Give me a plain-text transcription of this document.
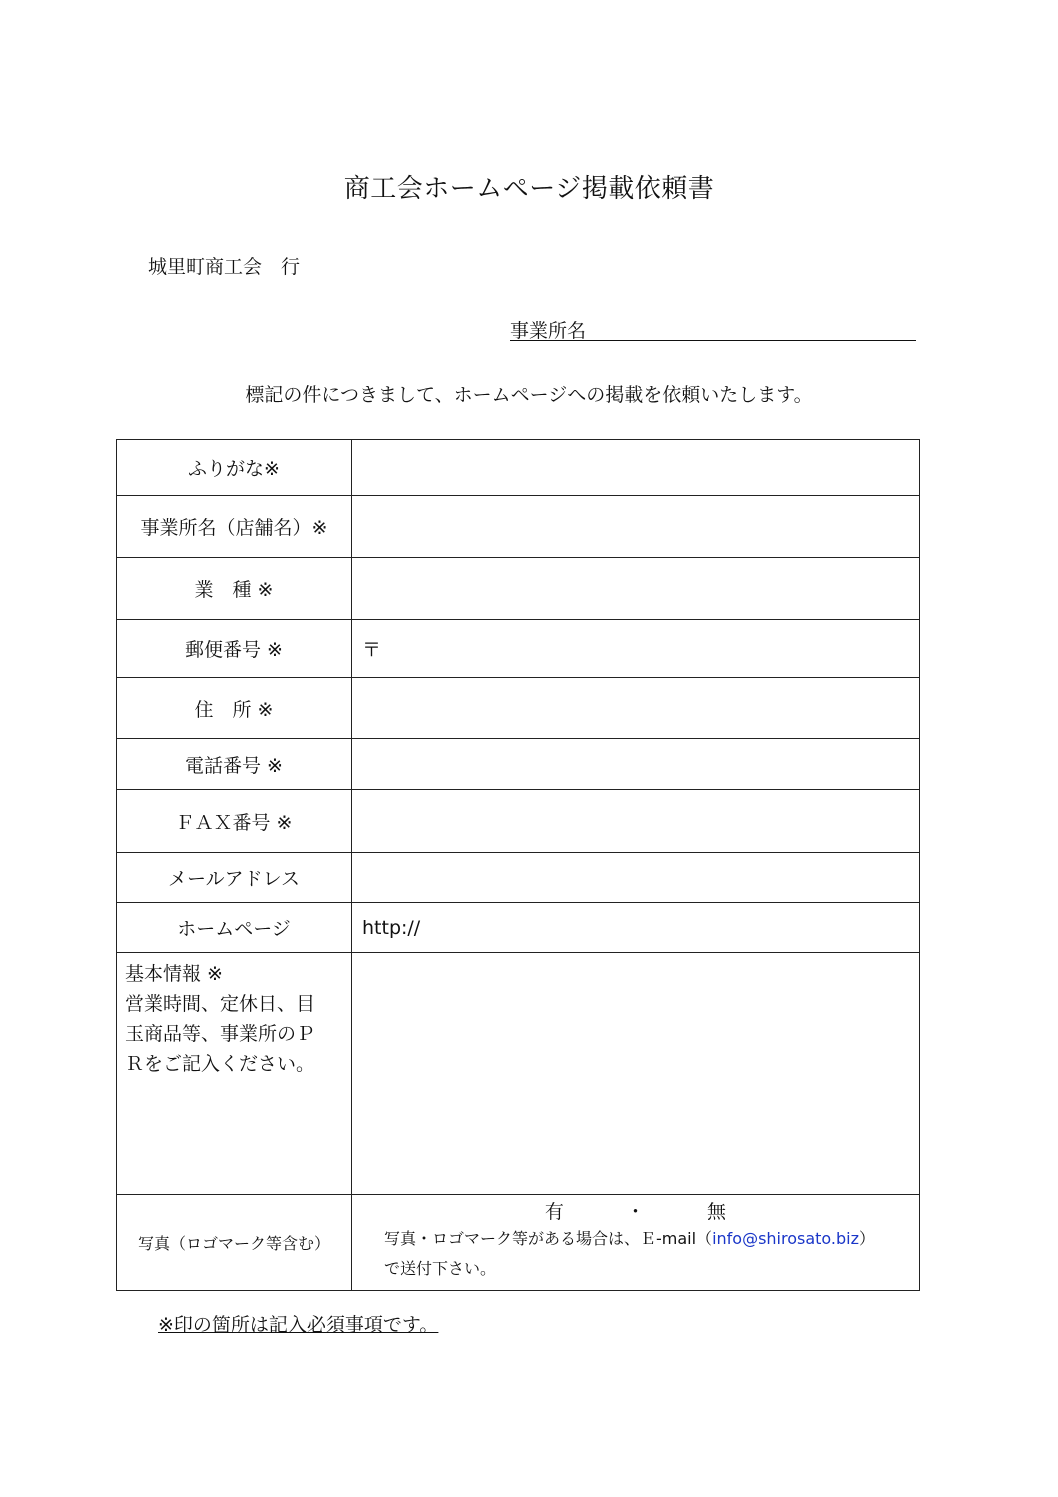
商工会ホームページ掲載依頼書
城里町商工会　行
事業所名
標記の件につきまして、ホームページへの掲載を依頼いたします。
ふりがな※	
事業所名（店舗名）※	
業　種 ※	
郵便番号 ※	〒
住　所 ※	
電話番号 ※	
ＦＡＸ番号 ※	
メールアドレス	
ホームページ	http://

基本情報 ※
営業時間、定休日、目
玉商品等、事業所のＰ
Ｒをご記入ください。	

写真（ロゴマーク等含む）	有 ・ 無
写真・ロゴマーク等がある場合は、Ｅ-mail（info@shirosato.biz）
で送付下さい。
※印の箇所は記入必須事項です。
